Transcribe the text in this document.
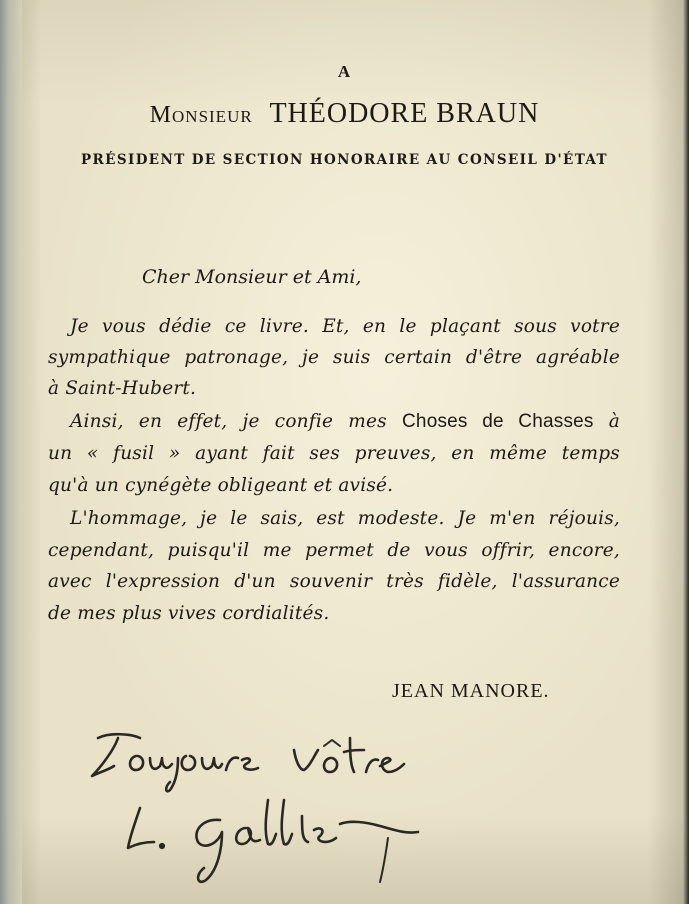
A
Monsieur THÉODORE BRAUN
PRÉSIDENT DE SECTION HONORAIRE AU CONSEIL D'ÉTAT
Cher Monsieur et Ami,
Je vous dédie ce livre. Et, en le plaçant sous votre
sympathique patronage, je suis certain d'être agréable
à Saint-Hubert.
Ainsi, en effet, je confie mes Choses de Chasses à
un « fusil » ayant fait ses preuves, en même temps
qu'à un cynégète obligeant et avisé.
L'hommage, je le sais, est modeste. Je m'en réjouis,
cependant, puisqu'il me permet de vous offrir, encore,
avec l'expression d'un souvenir très fidèle, l'assurance
de mes plus vives cordialités.
JEAN MANORE.
